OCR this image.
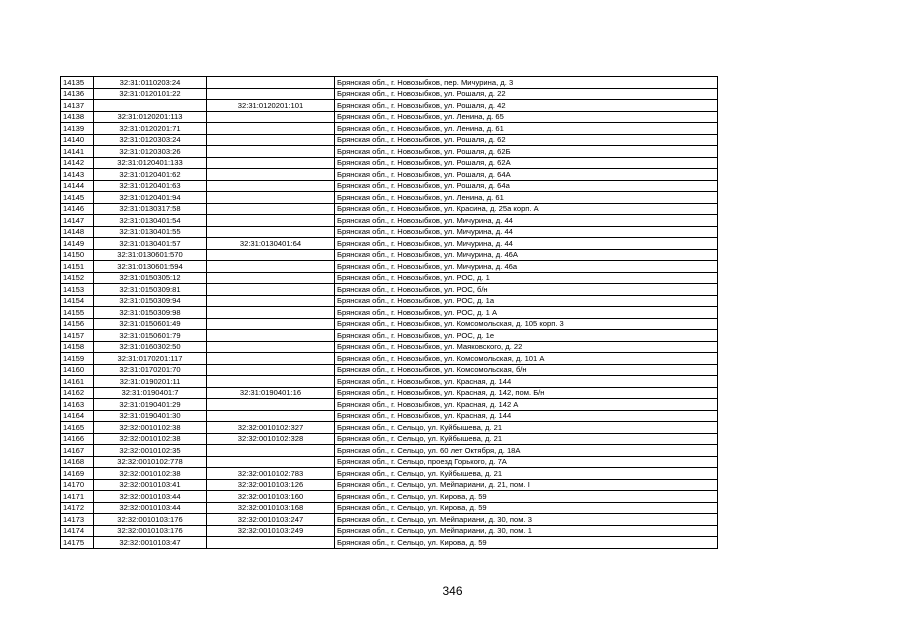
14135	32:31:0110203:24		Брянская обл., г. Новозыбков, пер. Мичурина, д. 3
14136	32:31:0120101:22		Брянская обл., г. Новозыбков, ул. Рошаля, д. 22
14137		32:31:0120201:101	Брянская обл., г. Новозыбков, ул. Рошаля, д. 42
14138	32:31:0120201:113		Брянская обл., г. Новозыбков, ул. Ленина, д. 65
14139	32:31:0120201:71		Брянская обл., г. Новозыбков, ул. Ленина, д. 61
14140	32:31:0120303:24		Брянская обл., г. Новозыбков, ул. Рошаля, д. 62
14141	32:31:0120303:26		Брянская обл., г. Новозыбков, ул. Рошаля, д. 62Б
14142	32:31:0120401:133		Брянская обл., г. Новозыбков, ул. Рошаля, д. 62А
14143	32:31:0120401:62		Брянская обл., г. Новозыбков, ул. Рошаля, д. 64А
14144	32:31:0120401:63		Брянская обл., г. Новозыбков, ул. Рошаля, д. 64а
14145	32:31:0120401:94		Брянская обл., г. Новозыбков, ул. Ленина, д. 61
14146	32:31:0130317:58		Брянская обл., г. Новозыбков, ул. Красина, д. 25а корп. А
14147	32:31:0130401:54		Брянская обл., г. Новозыбков, ул. Мичурина, д. 44
14148	32:31:0130401:55		Брянская обл., г. Новозыбков, ул. Мичурина, д. 44
14149	32:31:0130401:57	32:31:0130401:64	Брянская обл., г. Новозыбков, ул. Мичурина, д. 44
14150	32:31:0130601:570		Брянская обл., г. Новозыбков, ул. Мичурина, д. 46А
14151	32:31:0130601:594		Брянская обл., г. Новозыбков, ул. Мичурина, д. 46а
14152	32:31:0150305:12		Брянская обл., г. Новозыбков, ул. РОС, д. 1
14153	32:31:0150309:81		Брянская обл., г. Новозыбков, ул. РОС, б/н
14154	32:31:0150309:94		Брянская обл., г. Новозыбков, ул. РОС, д. 1а
14155	32:31:0150309:98		Брянская обл., г. Новозыбков, ул. РОС, д. 1 А
14156	32:31:0150601:49		Брянская обл., г. Новозыбков, ул. Комсомольская, д. 105 корп. 3
14157	32:31:0150601:79		Брянская обл., г. Новозыбков, ул. РОС, д. 1е
14158	32:31:0160302:50		Брянская обл., г. Новозыбков, ул. Маяковского, д. 22
14159	32:31:0170201:117		Брянская обл., г. Новозыбков, ул. Комсомольская, д. 101 А
14160	32:31:0170201:70		Брянская обл., г. Новозыбков, ул. Комсомольская, б/н
14161	32:31:0190201:11		Брянская обл., г. Новозыбков, ул. Красная, д. 144
14162	32:31:0190401:7	32:31:0190401:16	Брянская обл., г. Новозыбков, ул. Красная, д. 142, пом. Б/н
14163	32:31:0190401:29		Брянская обл., г. Новозыбков, ул. Красная, д. 142 А
14164	32:31:0190401:30		Брянская обл., г. Новозыбков, ул. Красная, д. 144
14165	32:32:0010102:38	32:32:0010102:327	Брянская обл., г. Сельцо, ул. Куйбышева, д. 21
14166	32:32:0010102:38	32:32:0010102:328	Брянская обл., г. Сельцо, ул. Куйбышева, д. 21
14167	32:32:0010102:35		Брянская обл., г. Сельцо, ул. 60 лет Октября, д. 18А
14168	32:32:0010102:778		Брянская обл., г. Сельцо, проезд Горького, д. 7А
14169	32:32:0010102:38	32:32:0010102:783	Брянская обл., г. Сельцо, ул. Куйбышева, д. 21
14170	32:32:0010103:41	32:32:0010103:126	Брянская обл., г. Сельцо, ул. Мейпариани, д. 21, пом. I
14171	32:32:0010103:44	32:32:0010103:160	Брянская обл., г. Сельцо, ул. Кирова, д. 59
14172	32:32:0010103:44	32:32:0010103:168	Брянская обл., г. Сельцо, ул. Кирова, д. 59
14173	32:32:0010103:176	32:32:0010103:247	Брянская обл., г. Сельцо, ул. Мейпариани, д. 30, пом. 3
14174	32:32:0010103:176	32:32:0010103:249	Брянская обл., г. Сельцо, ул. Мейпариани, д. 30, пом. 1
14175	32:32:0010103:47		Брянская обл., г. Сельцо, ул. Кирова, д. 59
346
